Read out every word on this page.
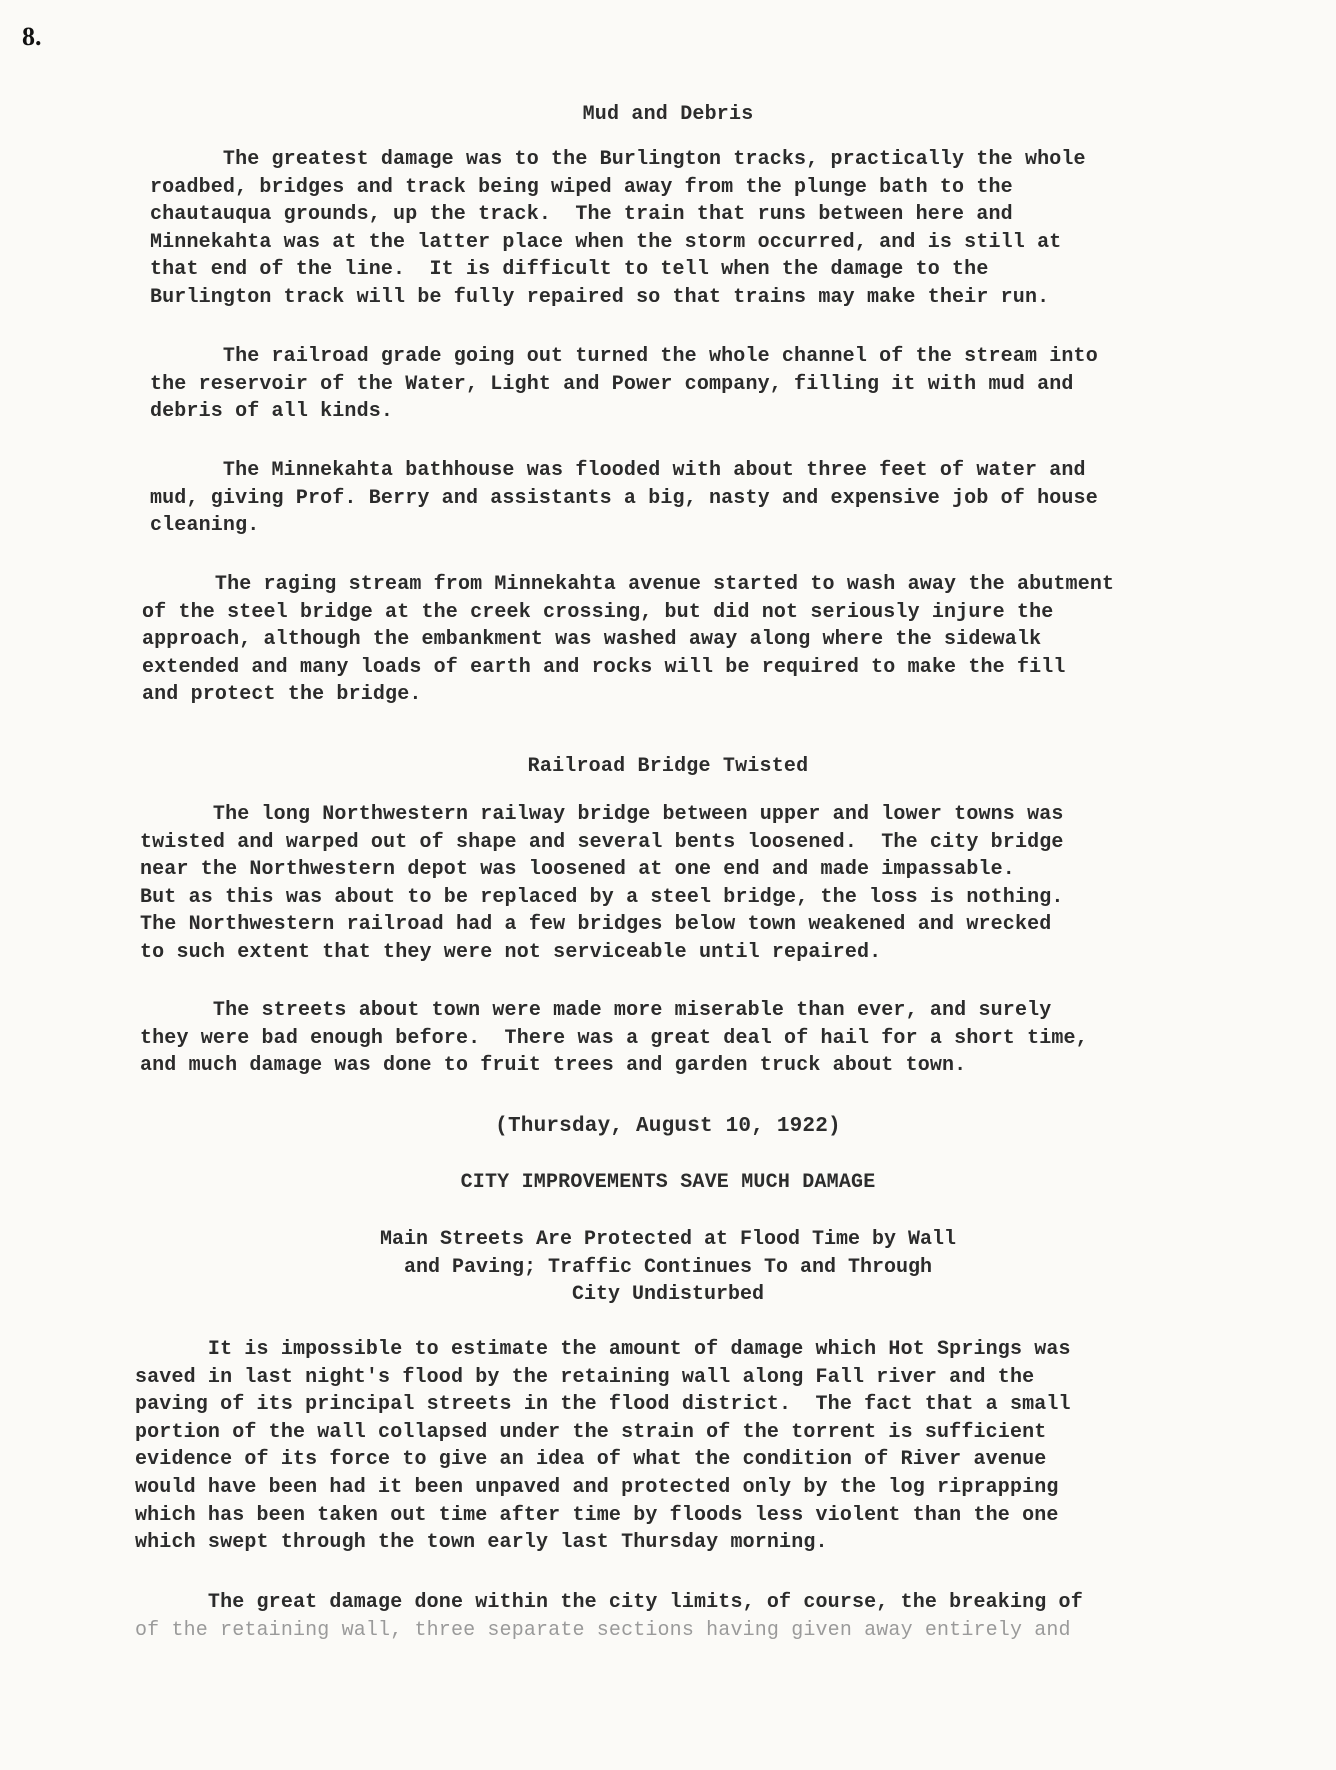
8.
Mud and Debris

The greatest damage was to the Burlington tracks, practically the whole
roadbed, bridges and track being wiped away from the plunge bath to the
chautauqua grounds, up the track.  The train that runs between here and
Minnekahta was at the latter place when the storm occurred, and is still at
that end of the line.  It is difficult to tell when the damage to the
Burlington track will be fully repaired so that trains may make their run.

The railroad grade going out turned the whole channel of the stream into
the reservoir of the Water, Light and Power company, filling it with mud and
debris of all kinds.

The Minnekahta bathhouse was flooded with about three feet of water and
mud, giving Prof. Berry and assistants a big, nasty and expensive job of house
cleaning.

The raging stream from Minnekahta avenue started to wash away the abutment
of the steel bridge at the creek crossing, but did not seriously injure the
approach, although the embankment was washed away along where the sidewalk
extended and many loads of earth and rocks will be required to make the fill
and protect the bridge.

Railroad Bridge Twisted

The long Northwestern railway bridge between upper and lower towns was
twisted and warped out of shape and several bents loosened.  The city bridge
near the Northwestern depot was loosened at one end and made impassable.
But as this was about to be replaced by a steel bridge, the loss is nothing.
The Northwestern railroad had a few bridges below town weakened and wrecked
to such extent that they were not serviceable until repaired.

The streets about town were made more miserable than ever, and surely
they were bad enough before.  There was a great deal of hail for a short time,
and much damage was done to fruit trees and garden truck about town.

(Thursday, August 10, 1922)
CITY IMPROVEMENTS SAVE MUCH DAMAGE

Main Streets Are Protected at Flood Time by Wall
and Paving; Traffic Continues To and Through
City Undisturbed

It is impossible to estimate the amount of damage which Hot Springs was
saved in last night's flood by the retaining wall along Fall river and the
paving of its principal streets in the flood district.  The fact that a small
portion of the wall collapsed under the strain of the torrent is sufficient
evidence of its force to give an idea of what the condition of River avenue
would have been had it been unpaved and protected only by the log riprapping
which has been taken out time after time by floods less violent than the one
which swept through the town early last Thursday morning.

The great damage done within the city limits, of course, the breaking of

of the retaining wall, three separate sections having given away entirely and
